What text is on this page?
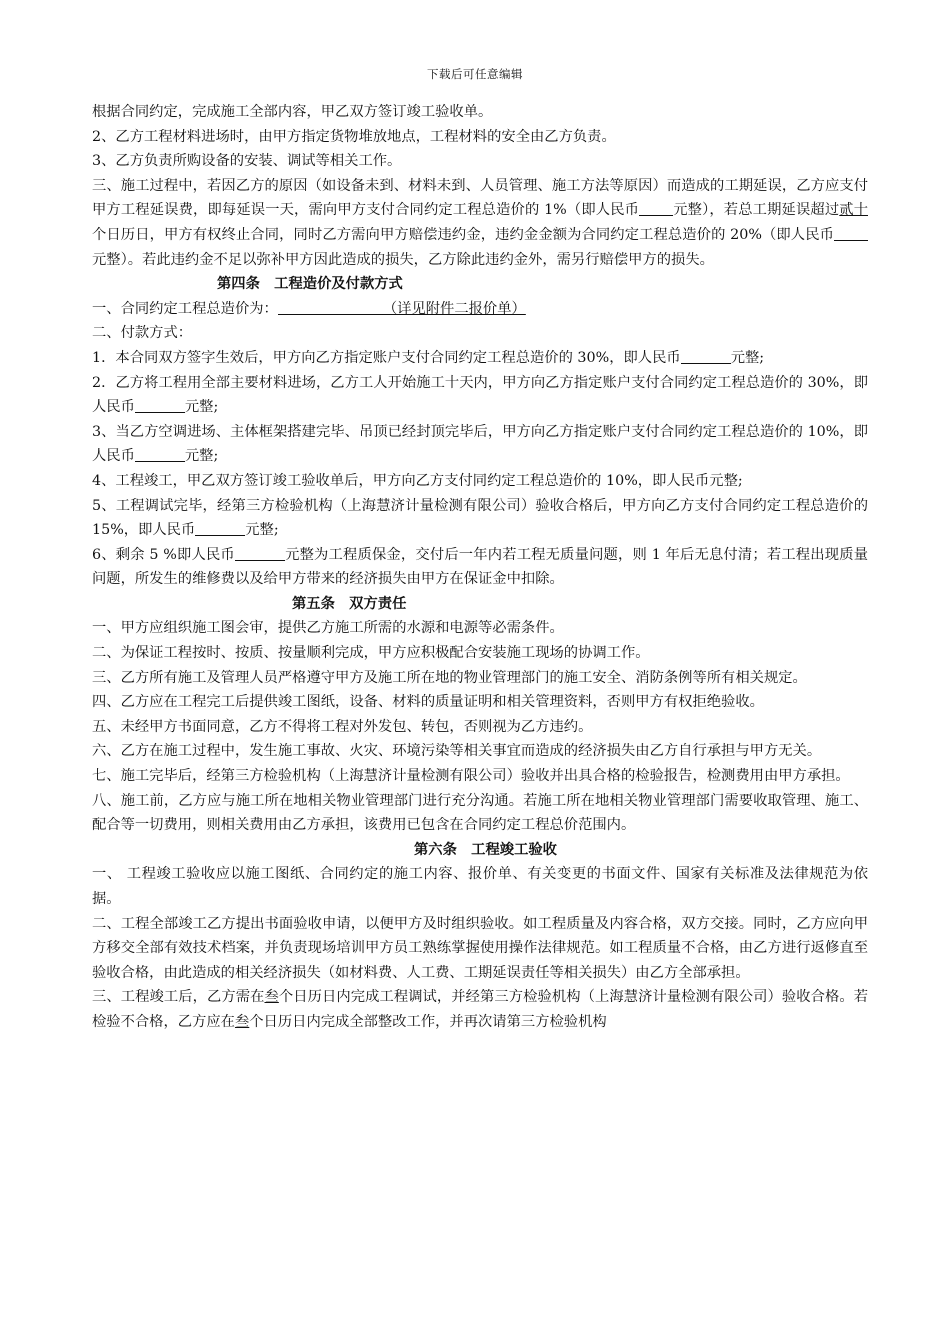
下载后可任意编辑

根据合同约定，完成施工全部内容，甲乙双方签订竣工验收单。

2、乙方工程材料进场时，由甲方指定货物堆放地点，工程材料的安全由乙方负责。

3、乙方负责所购设备的安装、调试等相关工作。

三、施工过程中，若因乙方的原因（如设备未到、材料未到、人员管理、施工方法等原因）而造成的工期延误，乙方应支付甲方工程延误费，即每延误一天，需向甲方支付合同约定工程总造价的 1%（即人民币 元整），若总工期延误超过贰十个日历日，甲方有权终止合同，同时乙方需向甲方赔偿违约金，违约金金额为合同约定工程总造价的 20%（即人民币元整）。若此违约金不足以弥补甲方因此造成的损失，乙方除此违约金外，需另行赔偿甲方的损失。

第四条　工程造价及付款方式

一、合同约定工程总造价为：	（详见附件二报价单）

二、付款方式：

1．本合同双方签字生效后，甲方向乙方指定账户支付合同约定工程总造价的 30%，即人民币	元整;

2．乙方将工程用全部主要材料进场，乙方工人开始施工十天内，甲方向乙方指定账户支付合同约定工程总造价的 30%，即人民币	元整;

3、当乙方空调进场、主体框架搭建完毕、吊顶已经封顶完毕后，甲方向乙方指定账户支付合同约定工程总造价的 10%，即人民币	元整;

4、工程竣工，甲乙双方签订竣工验收单后，甲方向乙方支付同约定工程总造价的 10%，即人民币元整;

5、工程调试完毕，经第三方检验机构（上海慧济计量检测有限公司）验收合格后，甲方向乙方支付合同约定工程总造价的 15%，即人民币	元整;

6、剩余 5 %即人民币	元整为工程质保金，交付后一年内若工程无质量问题，则 1 年后无息付清；若工程出现质量问题，所发生的维修费以及给甲方带来的经济损失由甲方在保证金中扣除。

第五条　双方责任

一、甲方应组织施工图会审，提供乙方施工所需的水源和电源等必需条件。

二、为保证工程按时、按质、按量顺利完成，甲方应积极配合安装施工现场的协调工作。

三、乙方所有施工及管理人员严格遵守甲方及施工所在地的物业管理部门的施工安全、消防条例等所有相关规定。

四、乙方应在工程完工后提供竣工图纸，设备、材料的质量证明和相关管理资料，否则甲方有权拒绝验收。

五、未经甲方书面同意，乙方不得将工程对外发包、转包，否则视为乙方违约。

六、乙方在施工过程中，发生施工事故、火灾、环境污染等相关事宜而造成的经济损失由乙方自行承担与甲方无关。

七、施工完毕后，经第三方检验机构（上海慧济计量检测有限公司）验收并出具合格的检验报告，检测费用由甲方承担。

八、施工前，乙方应与施工所在地相关物业管理部门进行充分沟通。若施工所在地相关物业管理部门需要收取管理、施工、配合等一切费用，则相关费用由乙方承担，该费用已包含在合同约定工程总价范围内。

第六条　工程竣工验收

一、 工程竣工验收应以施工图纸、合同约定的施工内容、报价单、有关变更的书面文件、国家有关标准及法律规范为依据。

二、工程全部竣工乙方提出书面验收申请，以便甲方及时组织验收。如工程质量及内容合格，双方交接。同时，乙方应向甲方移交全部有效技术档案，并负责现场培训甲方员工熟练掌握使用操作法律规范。如工程质量不合格，由乙方进行返修直至验收合格，由此造成的相关经济损失（如材料费、人工费、工期延误责任等相关损失）由乙方全部承担。

三、工程竣工后，乙方需在叁个日历日内完成工程调试，并经第三方检验机构（上海慧济计量检测有限公司）验收合格。若检验不合格，乙方应在叁个日历日内完成全部整改工作，并再次请第三方检验机构
